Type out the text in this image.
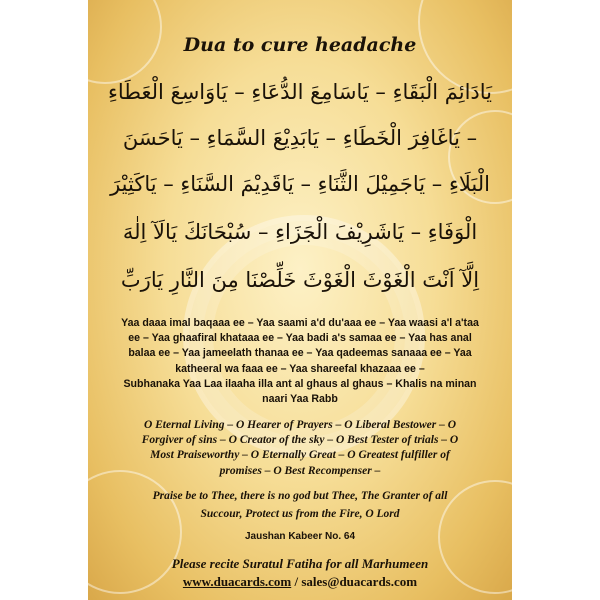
Dua to cure headache
يَادَائِمَ الْبَقَاءِ – يَاسَامِعَ الدُّعَاءِ – يَاوَاسِعَ الْعَطَاءِ
– يَاغَافِرَ الْخَطَاءِ – يَابَدِيْعَ السَّمَاءِ – يَاحَسَنَ
الْبَلَاءِ – يَاجَمِيْلَ الثَّنَاءِ – يَاقَدِيْمَ السَّنَاءِ – يَاكَثِيْرَ
الْوَفَاءِ – يَاشَرِيْفَ الْجَزَاءِ – سُبْحَانَكَ يَالَآ اِلٰهَ
اِلَّآ اَنْتَ الْغَوْثَ الْغَوْثَ خَلِّصْنَا مِنَ النَّارِ يَارَبِّ
Yaa daaa imal baqaaa ee – Yaa saami a'd du'aaa ee – Yaa waasi a'l a'taa
ee – Yaa ghaafiral khataaa ee – Yaa badi a's samaa ee – Yaa has anal
balaa ee – Yaa jameelath thanaa ee – Yaa qadeemas sanaaa ee – Yaa
katheeral wa faaa ee – Yaa shareefal khazaaa ee –
Subhanaka Yaa Laa ilaaha illa ant al ghaus al ghaus – Khalis na minan
naari Yaa Rabb
O Eternal Living – O Hearer of Prayers – O Liberal Bestower – O
Forgiver of sins – O Creator of the sky – O Best Tester of trials – O
Most Praiseworthy – O Eternally Great – O Greatest fulfiller of
promises – O Best Recompenser –
Praise be to Thee, there is no god but Thee, The Granter of all
Succour, Protect us from the Fire, O Lord
Jaushan Kabeer No. 64
Please recite Suratul Fatiha for all Marhumeen
www.duacards.com / sales@duacards.com
